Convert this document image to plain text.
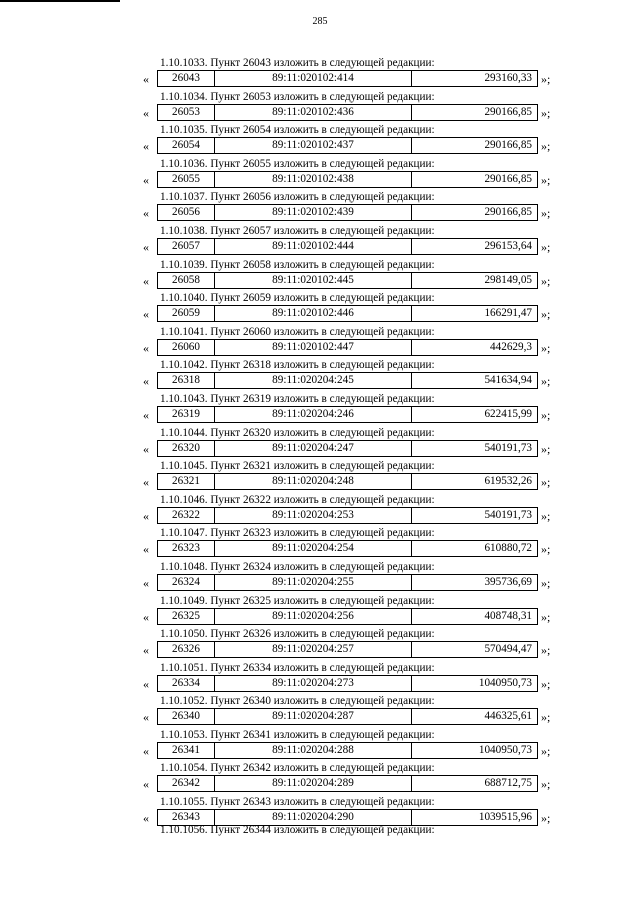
285
1.10.1033. Пункт 26043 изложить в следующей редакции:
«	26043	89:11:020102:414	293160,33 »;
1.10.1034. Пункт 26053 изложить в следующей редакции:
«	26053	89:11:020102:436	290166,85 »;
1.10.1035. Пункт 26054 изложить в следующей редакции:
«	26054	89:11:020102:437	290166,85 »;
1.10.1036. Пункт 26055 изложить в следующей редакции:
«	26055	89:11:020102:438	290166,85 »;
1.10.1037. Пункт 26056 изложить в следующей редакции:
«	26056	89:11:020102:439	290166,85 »;
1.10.1038. Пункт 26057 изложить в следующей редакции:
«	26057	89:11:020102:444	296153,64 »;
1.10.1039. Пункт 26058 изложить в следующей редакции:
«	26058	89:11:020102:445	298149,05 »;
1.10.1040. Пункт 26059 изложить в следующей редакции:
«	26059	89:11:020102:446	166291,47 »;
1.10.1041. Пункт 26060 изложить в следующей редакции:
«	26060	89:11:020102:447	442629,3 »;
1.10.1042. Пункт 26318 изложить в следующей редакции:
«	26318	89:11:020204:245	541634,94 »;
1.10.1043. Пункт 26319 изложить в следующей редакции:
«	26319	89:11:020204:246	622415,99 »;
1.10.1044. Пункт 26320 изложить в следующей редакции:
«	26320	89:11:020204:247	540191,73 »;
1.10.1045. Пункт 26321 изложить в следующей редакции:
«	26321	89:11:020204:248	619532,26 »;
1.10.1046. Пункт 26322 изложить в следующей редакции:
«	26322	89:11:020204:253	540191,73 »;
1.10.1047. Пункт 26323 изложить в следующей редакции:
«	26323	89:11:020204:254	610880,72 »;
1.10.1048. Пункт 26324 изложить в следующей редакции:
«	26324	89:11:020204:255	395736,69 »;
1.10.1049. Пункт 26325 изложить в следующей редакции:
«	26325	89:11:020204:256	408748,31 »;
1.10.1050. Пункт 26326 изложить в следующей редакции:
«	26326	89:11:020204:257	570494,47 »;
1.10.1051. Пункт 26334 изложить в следующей редакции:
«	26334	89:11:020204:273	1040950,73 »;
1.10.1052. Пункт 26340 изложить в следующей редакции:
«	26340	89:11:020204:287	446325,61 »;
1.10.1053. Пункт 26341 изложить в следующей редакции:
«	26341	89:11:020204:288	1040950,73 »;
1.10.1054. Пункт 26342 изложить в следующей редакции:
«	26342	89:11:020204:289	688712,75 »;
1.10.1055. Пункт 26343 изложить в следующей редакции:
«	26343	89:11:020204:290	1039515,96 »;
1.10.1056. Пункт 26344 изложить в следующей редакции:
